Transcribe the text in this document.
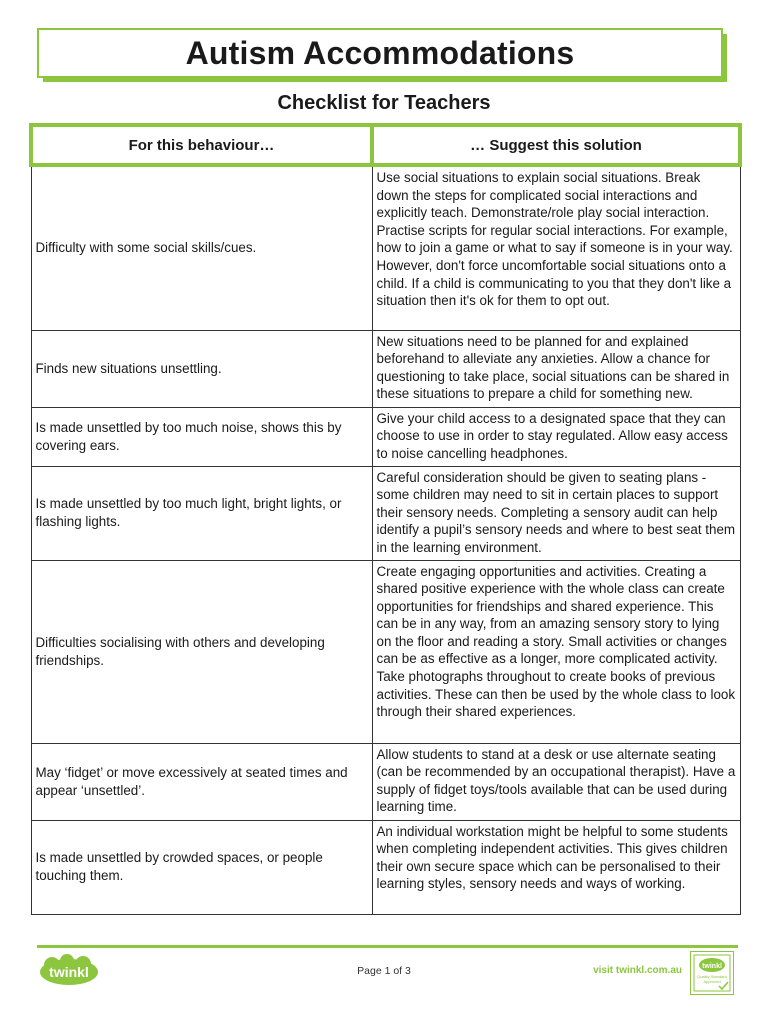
Autism Accommodations
Checklist for Teachers
For this behaviour…	… Suggest this solution
Difficulty with some social skills/cues.	Use social situations to explain social situations. Break down the steps for complicated social interactions and explicitly teach. Demonstrate/role play social interaction. Practise scripts for regular social interactions. For example, how to join a game or what to say if someone is in your way. However, don't force uncomfortable social situations onto a child. If a child is communicating to you that they don't like a situation then it's ok for them to opt out.
Finds new situations unsettling.	New situations need to be planned for and explained beforehand to alleviate any anxieties. Allow a chance for questioning to take place, social situations can be shared in these situations to prepare a child for something new.
Is made unsettled by too much noise, shows this by covering ears.	Give your child access to a designated space that they can choose to use in order to stay regulated. Allow easy access to noise cancelling headphones.
Is made unsettled by too much light, bright lights, or flashing lights.	Careful consideration should be given to seating plans - some children may need to sit in certain places to support their sensory needs. Completing a sensory audit can help identify a pupil’s sensory needs and where to best seat them in the learning environment.
Difficulties socialising with others and developing friendships.	Create engaging opportunities and activities. Creating a shared positive experience with the whole class can create opportunities for friendships and shared experience. This can be in any way, from an amazing sensory story to lying on the floor and reading a story. Small activities or changes can be as effective as a longer, more complicated activity. Take photographs throughout to create books of previous activities. These can then be used by the whole class to look through their shared experiences.
May ‘fidget’ or move excessively at seated times and appear ‘unsettled’.	Allow students to stand at a desk or use alternate seating (can be recommended by an occupational therapist). Have a supply of fidget toys/tools available that can be used during learning time.
Is made unsettled by crowded spaces, or people touching them.	An individual workstation might be helpful to some students when completing independent activities. This gives children their own secure space which can be personalised to their learning styles, sensory needs and ways of working.
twinkl	Page 1 of 3	visit twinkl.com.au	twinkl
Quality Standard Approved
